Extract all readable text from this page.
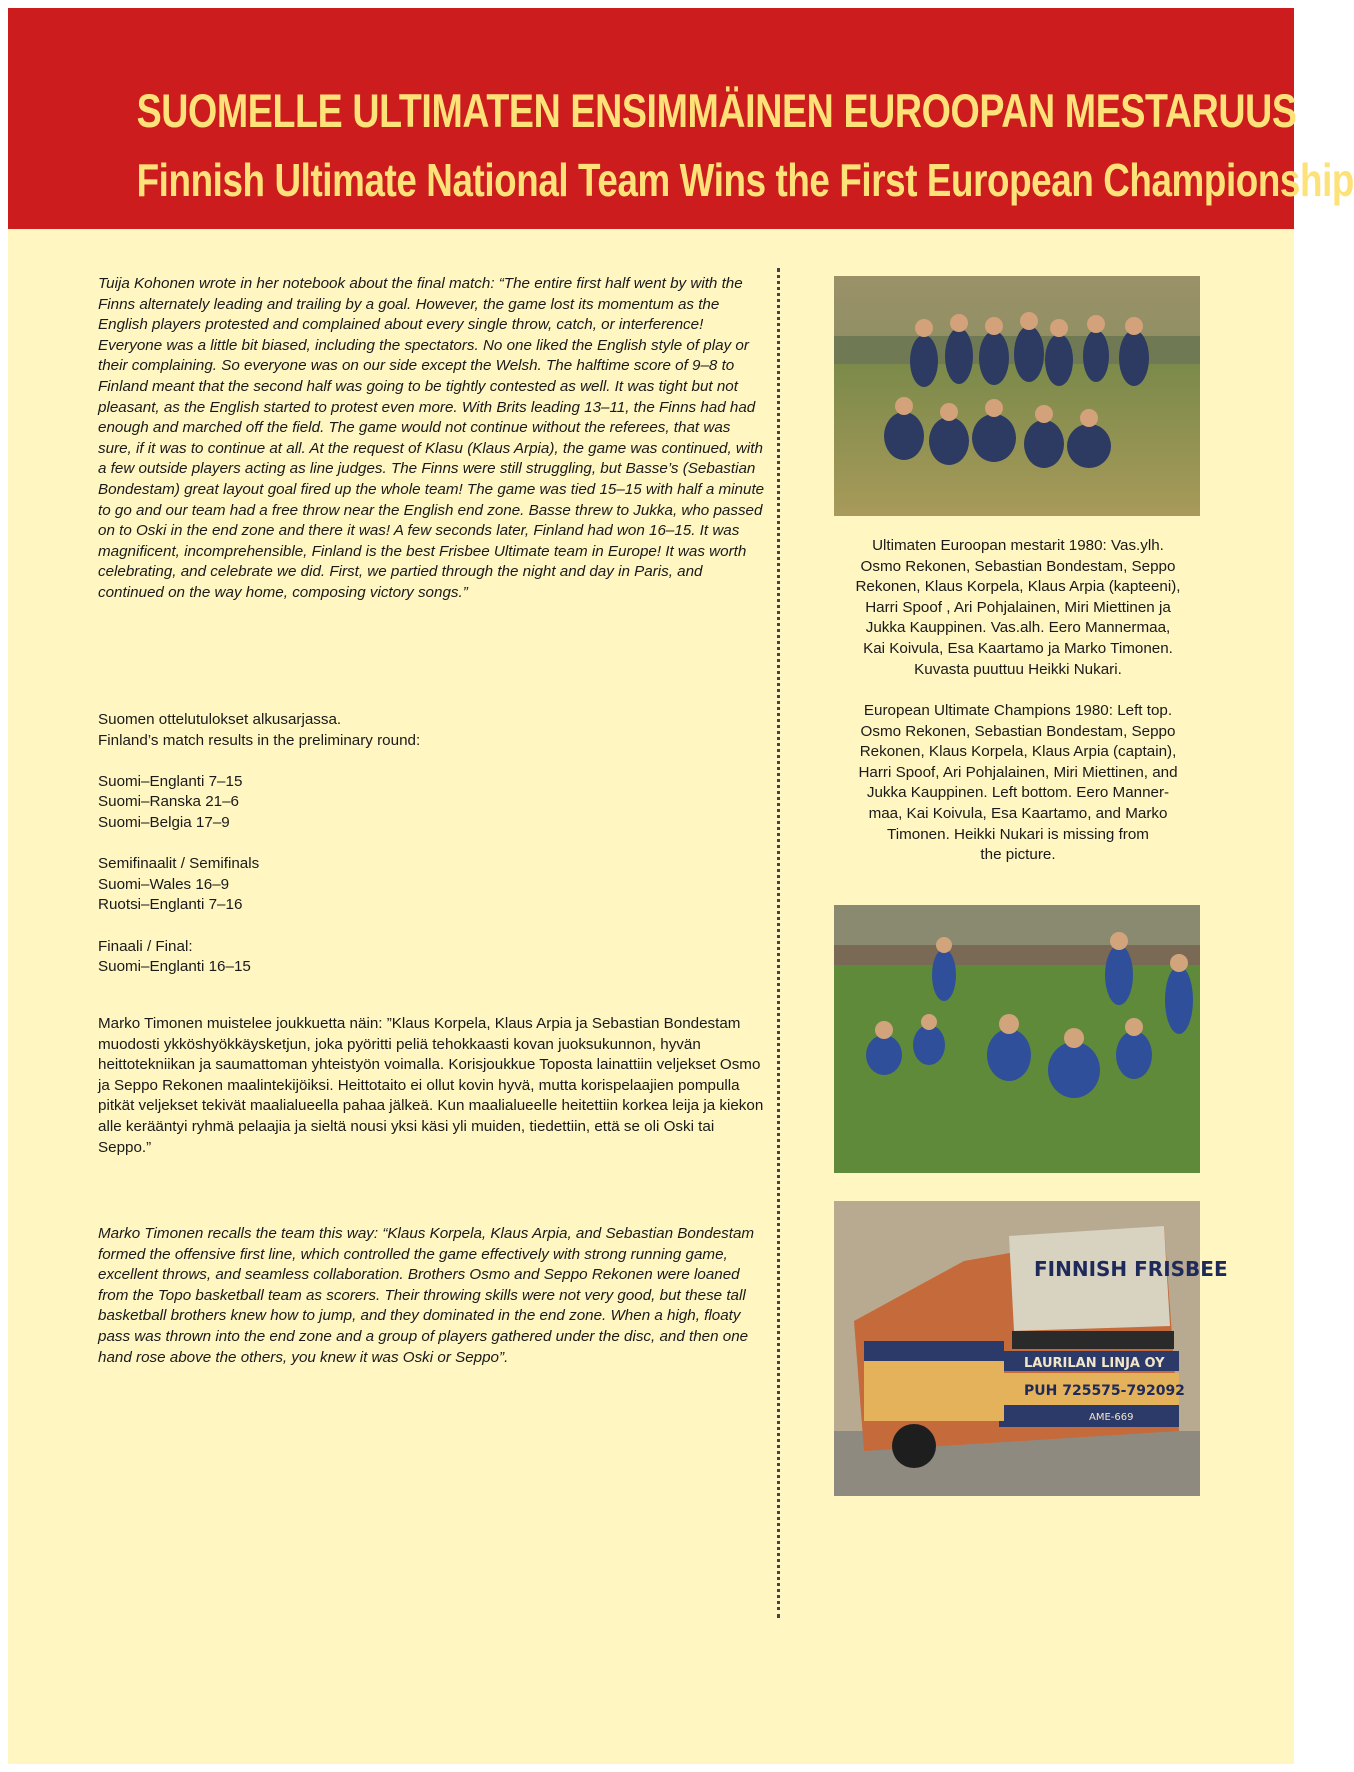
SUOMELLE ULTIMATEN ENSIMMÄINEN EUROOPAN MESTARUUS
Finnish Ultimate National Team Wins the First European Championship

Tuija Kohonen wrote in her notebook about the final match: “The entire first half went by with the Finns alternately leading and trailing by a goal. However, the game lost its momentum as the English players protested and complained about every single throw, catch, or interference! Everyone was a little bit biased, including the spectators. No one liked the English style of play or their complaining. So everyone was on our side except the Welsh. The halftime score of 9–8 to Finland meant that the second half was going to be tightly contested as well. It was tight but not pleasant, as the English started to protest even more. With Brits leading 13–11, the Finns had had enough and marched off the field. The game would not continue without the referees, that was sure, if it was to continue at all. At the request of Klasu (Klaus Arpia), the game was continued, with a few outside players acting as line judges. The Finns were still struggling, but Basse’s (Sebastian Bondestam) great layout goal fired up the whole team! The game was tied 15–15 with half a minute to go and our team had a free throw near the English end zone. Basse threw to Jukka, who passed on to Oski in the end zone and there it was! A few seconds later, Finland had won 16–15. It was magnificent, incomprehensible, Finland is the best Frisbee Ultimate team in Europe! It was worth celebrating, and celebrate we did. First, we partied through the night and day in Paris, and continued on the way home, composing victory songs.”

Suomen ottelutulokset alkusarjassa.

Finland’s match results in the preliminary round:

Suomi–Englanti 7–15

Suomi–Ranska 21–6

Suomi–Belgia 17–9

Semifinaalit / Semifinals

Suomi–Wales 16–9

Ruotsi–Englanti 7–16

Finaali / Final:

Suomi–Englanti 16–15

Marko Timonen muistelee joukkuetta näin: ”Klaus Korpela, Klaus Arpia ja Sebastian Bondestam muodosti ykköshyökkäysketjun, joka pyöritti peliä tehokkaasti kovan juoksukunnon, hyvän heittotekniikan ja saumattoman yhteistyön voimalla. Korisjoukkue Toposta lainattiin veljekset Osmo ja Seppo Rekonen maalintekijöiksi. Heittotaito ei ollut kovin hyvä, mutta korispelaajien pompulla pitkät veljekset tekivät maalialueella pahaa jälkeä. Kun maalialueelle heitettiin korkea leija ja kiekon alle kerääntyi ryhmä pelaajia ja sieltä nousi yksi käsi yli muiden, tiedettiin, että se oli Oski tai Seppo.”

Marko Timonen recalls the team this way: “Klaus Korpela, Klaus Arpia, and Sebastian Bondestam formed the offensive first line, which controlled the game effectively with strong running game, excellent throws, and seamless collaboration. Brothers Osmo and Seppo Rekonen were loaned from the Topo basketball team as scorers. Their throwing skills were not very good, but these tall basketball brothers knew how to jump, and they dominated in the end zone. When a high, floaty pass was thrown into the end zone and a group of players gathered under the disc, and then one hand rose above the others, you knew it was Oski or Seppo”.

Ultimaten Euroopan mestarit 1980: Vas.ylh.
Osmo Rekonen, Sebastian Bondestam, Seppo
Rekonen, Klaus Korpela, Klaus Arpia (kapteeni),
Harri Spoof , Ari Pohjalainen, Miri Miettinen ja
Jukka Kauppinen. Vas.alh. Eero Mannermaa,
Kai Koivula, Esa Kaartamo ja Marko Timonen.
Kuvasta puuttuu Heikki Nukari.
European Ultimate Champions 1980: Left top.
Osmo Rekonen, Sebastian Bondestam, Seppo
Rekonen, Klaus Korpela, Klaus Arpia (captain),
Harri Spoof, Ari Pohjalainen, Miri Miettinen, and
Jukka Kauppinen. Left bottom. Eero Manner-
maa, Kai Koivula, Esa Kaartamo, and Marko
Timonen. Heikki Nukari is missing from
the picture.
FINNISH FRISBEE
LAURILAN LINJA OY
PUH 725575-792092
AME-669
